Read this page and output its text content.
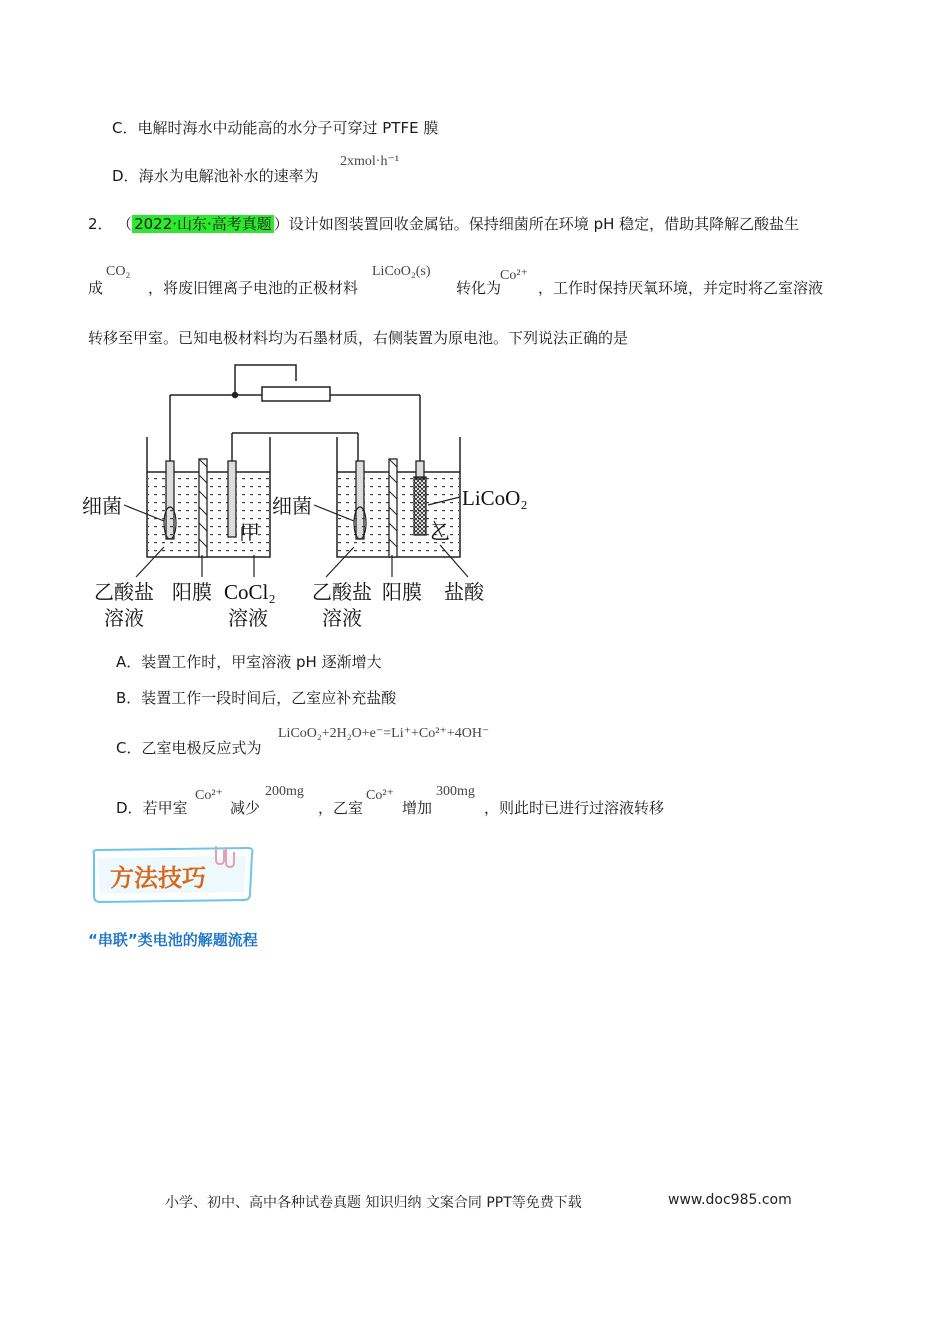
C．电解时海水中动能高的水分子可穿过 PTFE 膜
2xmol·h⁻¹
D．海水为电解池补水的速率为
2． （ 2022·山东·高考真题 ）设计如图装置回收金属钴。保持细菌所在环境 pH 稳定，借助其降解乙酸盐生
CO₂	LiCoO₂(s)	Co²⁺
成	，将废旧锂离子电池的正极材料	转化为 ，工作时保持厌氧环境，并定时将乙室溶液
转移至甲室。已知电极材料均为石墨材质，右侧装置为原电池。下列说法正确的是
细菌	细菌
甲	乙
乙酸盐
溶液
阳膜
溶液
乙酸盐
溶液
阳膜 盐酸
CoCl₂
LiCoO₂
A．装置工作时，甲室溶液 pH 逐渐增大
B．装置工作一段时间后，乙室应补充盐酸
LiCoO₂+2H₂O+e⁻=Li⁺+Co²⁺+4OH⁻
C．乙室电极反应式为
Co²⁺	200mg	Co²⁺	300mg
D．若甲室	减少	，乙室	增加	，则此时已进行过溶液转移
方法技巧
“串联”类电池的解题流程
小学、初中、高中各种试卷真题 知识归纳 文案合同 PPT等免费下载	www.doc985.com
